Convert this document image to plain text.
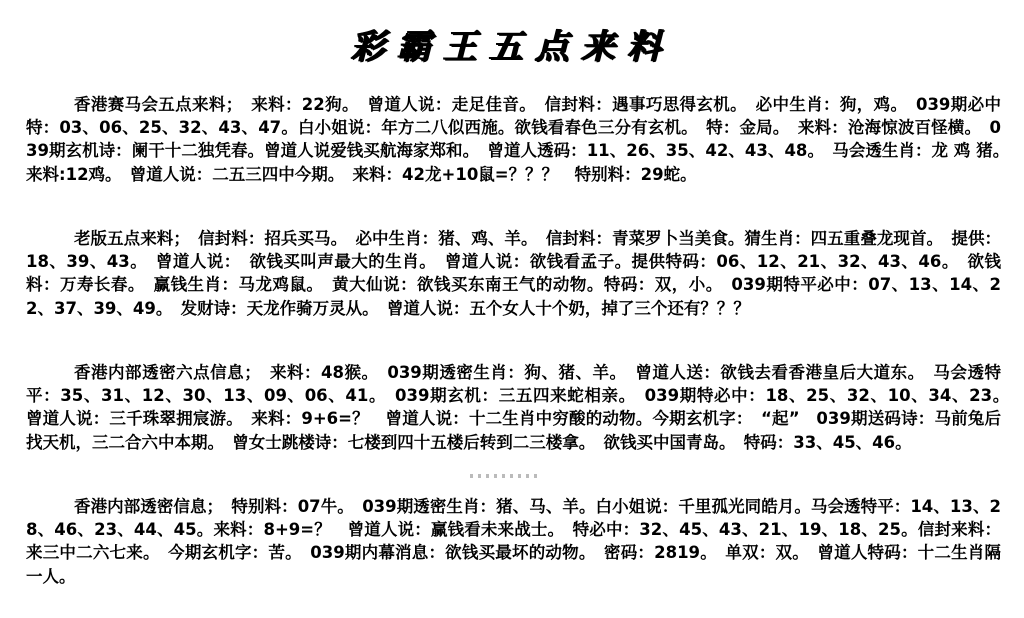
彩霸王五点来料

香港赛马会五点来料；　来料：22狗。　曾道人说：走足佳音。　信封料：遇事巧思得玄机。　必中生肖：狗，鸡。　039期必中特：03、06、25、32、43、47。白小姐说：年方二八似西施。欲钱看春色三分有玄机。　特：金局。　来料：沧海惊波百怪横。　039期玄机诗：阑干十二独凭春。曾道人说爱钱买航海家郑和。　曾道人透码：11、26、35、42、43、48。　马会透生肖：龙 鸡 猪。　来料:12鸡。　曾道人说：二五三四中今期。　来料：42龙+10鼠=？？？　特别料：29蛇。

老版五点来料；　信封料：招兵买马。　必中生肖：猪、鸡、羊。　信封料：青菜罗卜当美食。猜生肖：四五重叠龙现首。　提供：18、39、43。　曾道人说：　欲钱买叫声最大的生肖。　曾道人说：欲钱看孟子。提供特码：06、12、21、32、43、46。　欲钱料：万寿长春。　赢钱生肖：马龙鸡鼠。　黄大仙说：欲钱买东南王气的动物。特码：双，小。　039期特平必中：07、13、14、22、37、39、49。　发财诗：天龙作骑万灵从。　曾道人说：五个女人十个奶，掉了三个还有？？？

香港内部透密六点信息；　来料：48猴。　039期透密生肖：狗、猪、羊。　曾道人送：欲钱去看香港皇后大道东。　马会透特平：35、31、12、30、13、09、06、41。　039期玄机：三五四来蛇相亲。　039期特必中：18、25、32、10、34、23。　曾道人说：三千珠翠拥宸游。　来料：9+6=？　曾道人说：十二生肖中穷酸的动物。今期玄机字：　“起”　039期送码诗：马前兔后找天机，三二合六中本期。　曾女士跳楼诗：七楼到四十五楼后转到二三楼拿。　欲钱买中国青岛。　特码：33、45、46。

香港内部透密信息；　特别料：07牛。　039期透密生肖：猪、马、羊。白小姐说：千里孤光同皓月。马会透特平：14、13、28、46、23、44、45。来料：8+9=？　曾道人说：赢钱看未来战士。　特必中：32、45、43、21、19、18、25。信封来料：来三中二六七来。　今期玄机字：苦。　039期内幕消息：欲钱买最坏的动物。　密码：2819。　单双：双。　曾道人特码：十二生肖隔一人。
